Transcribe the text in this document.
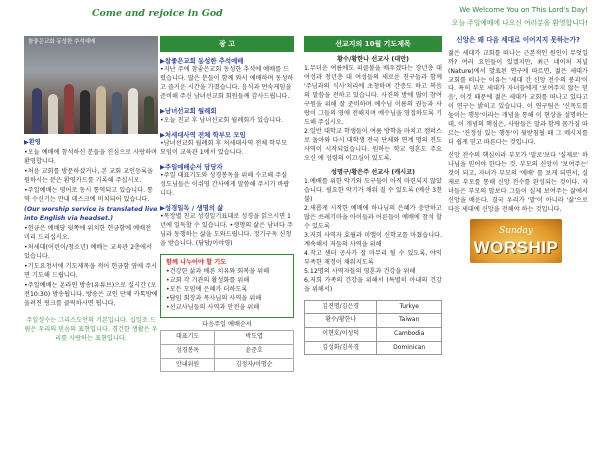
Come and rejoice in God	We Welcome You on This Lord's Day!
오늘 주일예배에 나오신 여러분을 환영합니다!
참좋은교회 동성한 추석예배
▶환영
•오늘 예배에 참석하신 분들을 진심으로 사랑하며 환영합니다.
•처음 교회를 방문하셨거나, 본 교회 교인등록을 원하시는 분은 환영카드를 기록해 주십시오.
•주일예배는 영어로 동시 통역되고 있습니다. 통역 수신기는 안내 데스크에 비치되어 있습니다.
(Our worship service is translated live into English via headset.)
•헌금은 예배당 뒷쪽에 위치한 헌금함에 예배전 미리 드리십시오.
•처세대(어린이/청소년) 예배는 교육관 2층에서 있습니다.
•기도요청서에 기도제목을 적어 헌금함 옆에 주시면 기도해 드립니다.
•주일예배는 온라인 방송(유튜브)으로 실시간 (오전10:30) 방송됩니다. 방송은 교인 단체 카톡방에 올려진 링크를 클릭하시면 됩니다.
주일성수는 그리스도인의 기본입니다. 십일조 드림은 우리의 믿음의 표현입니다. 경건한 생활은 우리를 사랑하는 표현입니다.
광 고
▶참좋은교회 동성한 추석예배
•지난 주에 참좋은교회 동성한 추석에 예배를 드렸습니다. 많은 분들이 함께 와서 예배하며 동성하고 즐거운 시간을 가졌습니다. 음식과 먼숙게임을 준비해 주신 남녀선교회 회원들께 감사드립니다.
▶남녀선교회 월례회
•오늘 친교 후 남녀선교회 월례회가 있습니다.
▶처세대사역 전체 학부모 모임
•남녀선교회 월례회 후 처세대사역 전체 학부모 모임이 교육관 1에서 있습니다.
▶주일예배순서 담당자
•주일 대표기도와 성경봉독을 위해 수고해 주실 성도님들은 이쉬영 간사에게 말씀해 주시기 바랍니다.
▶성경일독 / 생명의 삶
•목장별 친교 성경일기표대로 성경을 읽으시면 1년에 일독할 수 있습니다. •생명의 삶은 남녀다 주님과 동행하는 삶을 도와드립니다. 정기구독 신청을 받습니다. (담당/이야영)
함께 나누어야 할 기도
•건강한 삶과 배른 치유와 회복을 위해
•교회 각 기관의 활성화를 위해
•모든 모임에 은혜가 더하도록
•담임 회장과 목사님의 사역을 위해
•선교사님들의 사역과 안전을 위해
다음주일 예배순서
대표기도	박도엽
성경봉독	윤준호
안내위원	김정자/이명순
선교지의 10월 기도제목
황수/황한나 선교사 (대만)
1.무더운 여름에도 피클볼을 배우겠다는 장년층 대 여성과 청년층 대 여성들의 새로운 친구들과 함께 '주님과의 식사'처리에 초청하며 간증도 하고 복음의 말씀을 전하고 있습니다. 사진의 방에 많이 참여 구원을 위해 잘 준비하며 예수님 이름의 권능과 사랑이 그들의 영에 전해지며 예수님을 영접하도록 기도해 주십시오.
2.일반 대학교 학생들이 여름 방학을 마치고 캠퍼스로 돌아와 다시 대학생 전국 단체와 연계 명의 전도 사역이 시작되었습니다. 원하는 학교 영혼도 주요 오신 에 성령의 이끄심이 있도록.
성명구/황은주 선교사 (캐시코)
1.예배를 위한 악기와 도구들이 아직 마련되지 않았습니다. 필요한 악기가 채워 질 수 있도록 (예산 3천불)
2.새롭게 시작한 예배에 하나님의 은혜가 충만하고 많은 쓰레기마을 아이들과 어른들이 예배에 참석 할 수 있도록
3.저희 사역자 효윌과 미엘이 신학교를 마쳤습니다. 계속해서 저들의 사역을 위해
4.작고 센터 공사가 잘 마무리 될 수 있도록, 야익 부족한 재정이 채워지도록
5.12명의 사역자들의 영혼과 건강을 위해
6.저희 가족의 건강을 위해서 (특별히 아내의 건강을 위해서)
김진명/김은경	Turkye
황수/황한나	Taiwan
이현호/이성덕	Cambodia
김성화/김옥경	Dominican
신앙은 왜 다음 세대로 이어지지 못하는가?
젊은 세대가 교회를 떠나는 근본적인 원인이 무엇일까? 여러 요인들이 있겠지만, 최근 네이처 저널(Nature)에서 발표된 연구에 따르면, 젊은 세대가 교회를 떠나는 이유는 '세대 간 신앙 전수의 붕괴'이다. 특히 부모 세대가 자녀들에게 '보여주지 않는 믿음', 이것 때문에 젊은 세대가 교회를 떠나고 있다고 이 연구는 밝히고 있습니다. 이 연구팀은 '신목도를 높이는 행동'이라는 개념을 통해 이 현상을 설명하는데, 이 개념의 핵심은, 사람들은 말과 함께 몸가짐 따르는 '진정성 있는 행동'이 뒷받침될 때 그 메시지를 더 쉽게 믿고 따른다는 것입니다.
신앙 전수의 핵심이라 부모가 '말로'보다 '실제로' 하나님을 믿어야 한다는 것. 부모의 신앙이 '보여주는' 것이 되고, 자녀가 부모의 '예배' 를 보게 되면서, 실제로 부모를 통해 신앙 전수를 완성되는 것이다. 자녀들은 부모의 말보다 그들이 실제 보여주는 삶에서 신앙을 배운다. 결국 우리가 '말'이 아니라 '삶'으로 다음 세대에 신앙을 전해야 하는 것입니다.
Sunday
WORSHIP
